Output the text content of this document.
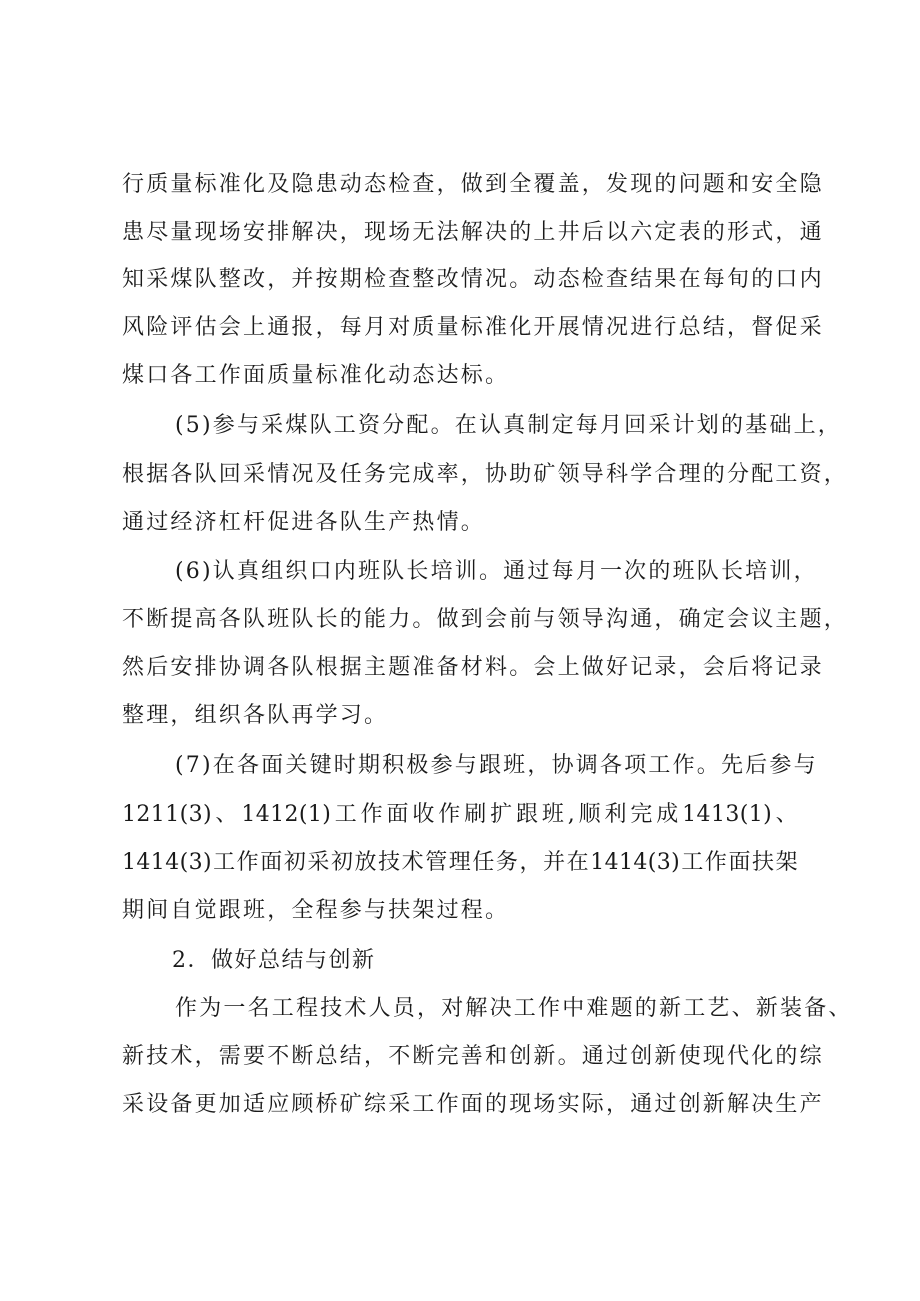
行质量标准化及隐患动态检查，做到全覆盖，发现的问题和安全隐
患尽量现场安排解决，现场无法解决的上井后以六定表的形式，通
知采煤队整改，并按期检查整改情况。动态检查结果在每旬的口内
风险评估会上通报，每月对质量标准化开展情况进行总结，督促采
煤口各工作面质量标准化动态达标。
(5)参与采煤队工资分配。在认真制定每月回采计划的基础上，
根据各队回采情况及任务完成率，协助矿领导科学合理的分配工资，
通过经济杠杆促进各队生产热情。
(6)认真组织口内班队长培训。通过每月一次的班队长培训，
不断提高各队班队长的能力。做到会前与领导沟通，确定会议主题，
然后安排协调各队根据主题准备材料。会上做好记录，会后将记录
整理，组织各队再学习。
(7)在各面关键时期积极参与跟班，协调各项工作。先后参与
1211(3)、1412(1)工作面收作刷扩跟班,顺利完成1413(1)、
1414(3)工作面初采初放技术管理任务，并在1414(3)工作面扶架
期间自觉跟班，全程参与扶架过程。
2．做好总结与创新
作为一名工程技术人员，对解决工作中难题的新工艺、新装备、
新技术，需要不断总结，不断完善和创新。通过创新使现代化的综
采设备更加适应顾桥矿综采工作面的现场实际，通过创新解决生产
